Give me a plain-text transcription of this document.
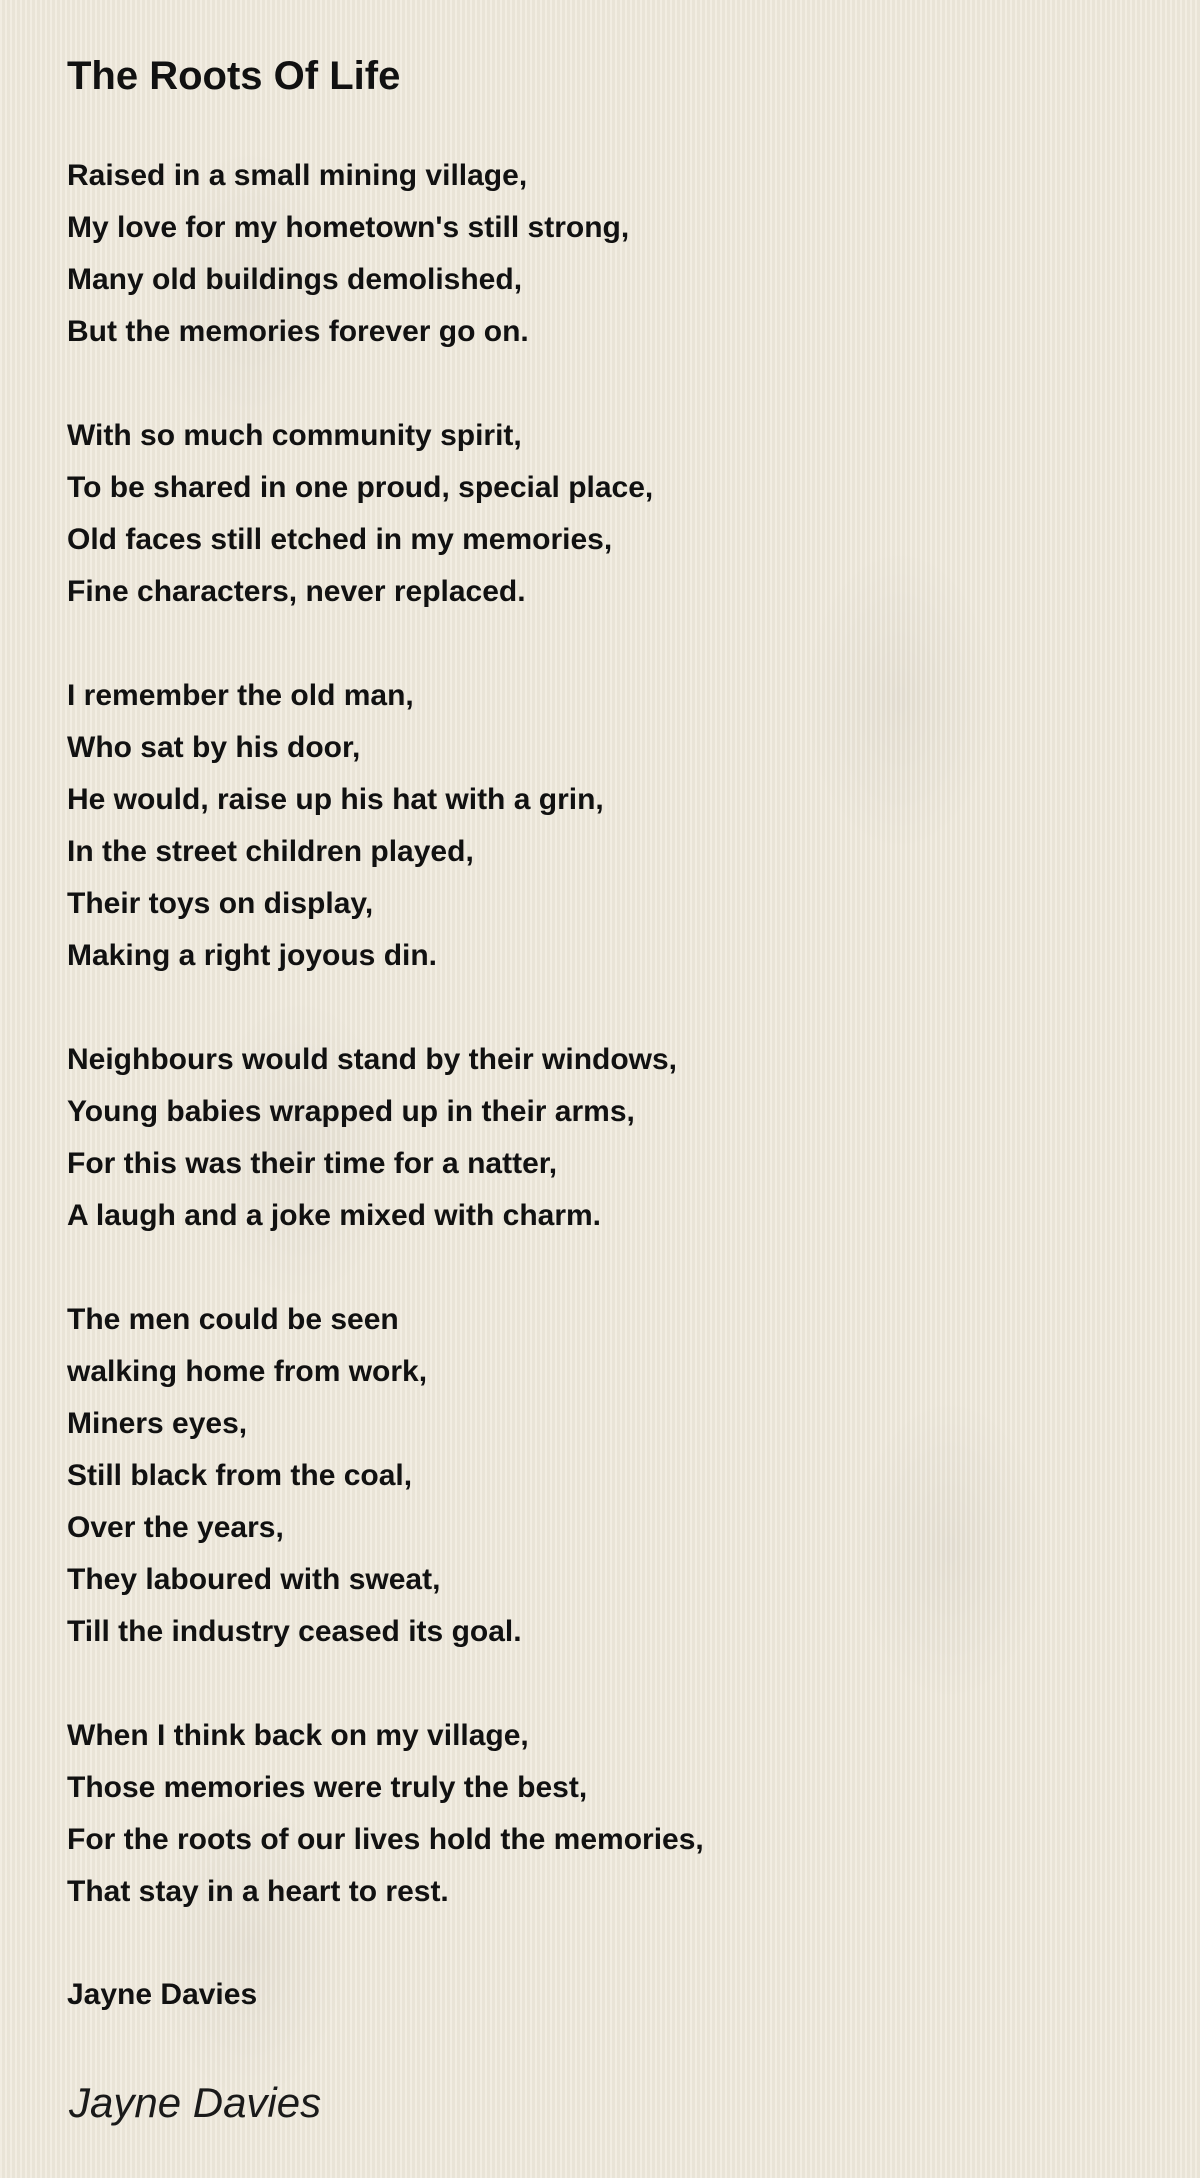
The Roots Of Life
Raised in a small mining village,
My love for my hometown's still strong,
Many old buildings demolished,
But the memories forever go on.
With so much community spirit,
To be shared in one proud, special place,
Old faces still etched in my memories,
Fine characters, never replaced.
I remember the old man,
Who sat by his door,
He would, raise up his hat with a grin,
In the street children played,
Their toys on display,
Making a right joyous din.
Neighbours would stand by their windows,
Young babies wrapped up in their arms,
For this was their time for a natter,
A laugh and a joke mixed with charm.
The men could be seen
walking home from work,
Miners eyes,
Still black from the coal,
Over the years,
They laboured with sweat,
Till the industry ceased its goal.
When I think back on my village,
Those memories were truly the best,
For the roots of our lives hold the memories,
That stay in a heart to rest.
Jayne Davies
Jayne Davies
